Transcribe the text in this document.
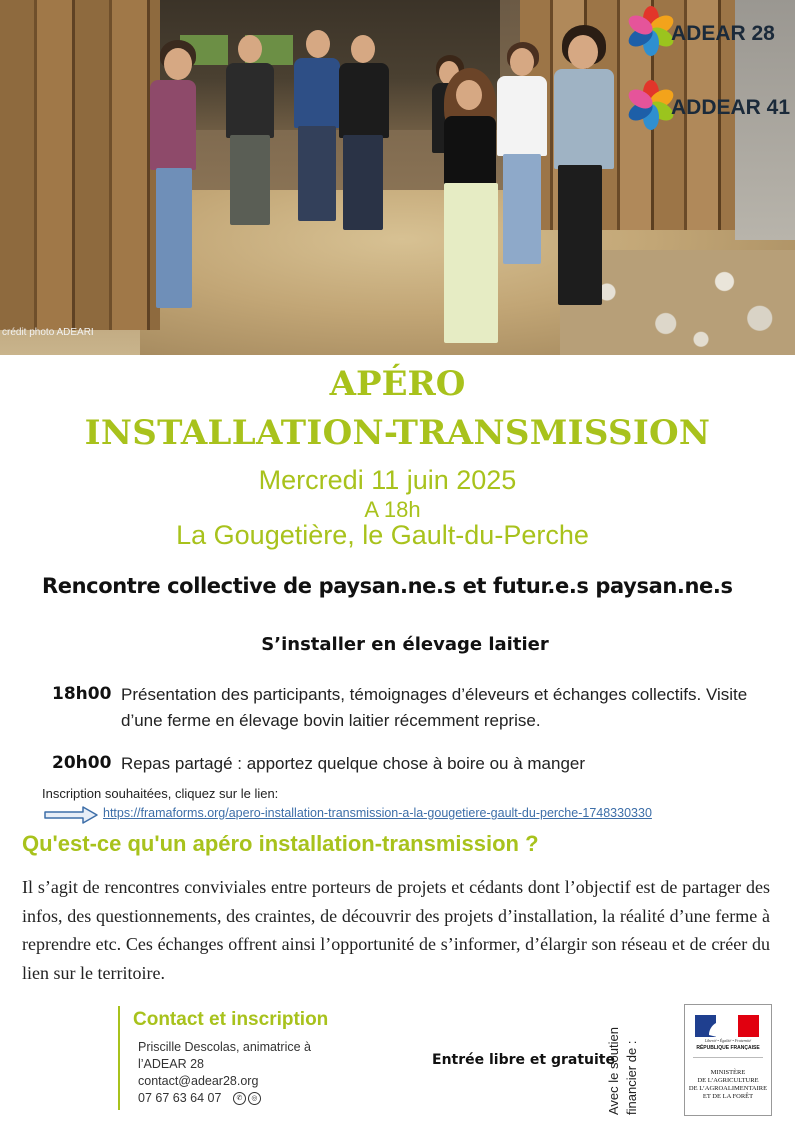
crédit photo ADEARI
ADEAR 28
ADDEAR 41
APÉRO
INSTALLATION-TRANSMISSION
Mercredi 11 juin 2025
A 18h
La Gougetière, le Gault-du-Perche
Rencontre collective de paysan.ne.s et futur.e.s paysan.ne.s
S’installer en élevage laitier
18h00 Présentation des participants, témoignages d’éleveurs et échanges collectifs. Visite d’une ferme en élevage bovin laitier récemment reprise.
20h00 Repas partagé : apportez quelque chose à boire ou à manger
Inscription souhaitées, cliquez sur le lien:
https://framaforms.org/apero-installation-transmission-a-la-gougetiere-gault-du-perche-1748330330
Qu'est-ce qu'un apéro installation-transmission ?
Il s’agit de rencontres conviviales entre porteurs de projets et cédants dont l’objectif est de partager des infos, des questionnements, des craintes, de découvrir des projets d’installation, la réalité d’une ferme à reprendre etc. Ces échanges offrent ainsi l’opportunité de s’informer, d’élargir son réseau et de créer du lien sur le territoire.
Contact et inscription
Priscille Descolas, animatrice à l’ADEAR 28
contact@adear28.org
07 67 63 64 07 ✆ ◎
Entrée libre et gratuite
Avec le soutien financier de :
Liberté • Égalité • Fraternité
RÉPUBLIQUE FRANÇAISE
MINISTÈRE
DE L’AGRICULTURE
DE L’AGROALIMENTAIRE
ET DE LA FORÊT
